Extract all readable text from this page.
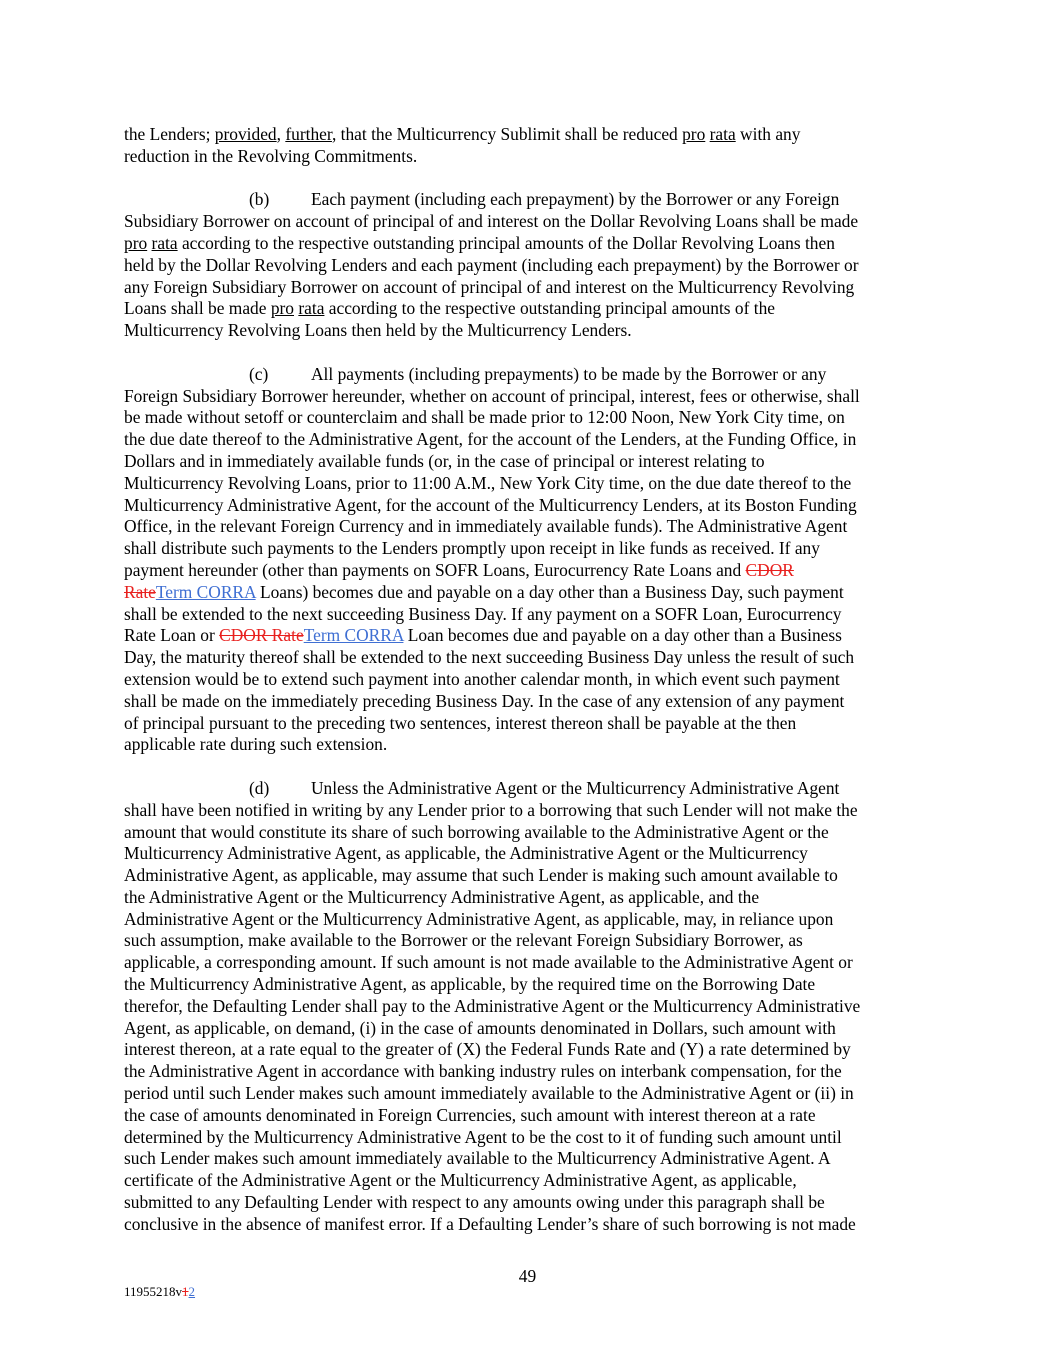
the Lenders; provided, further, that the Multicurrency Sublimit shall be reduced pro rata with any
reduction in the Revolving Commitments.
(b) Each payment (including each prepayment) by the Borrower or any Foreign
Subsidiary Borrower on account of principal of and interest on the Dollar Revolving Loans shall be made
pro rata according to the respective outstanding principal amounts of the Dollar Revolving Loans then
held by the Dollar Revolving Lenders and each payment (including each prepayment) by the Borrower or
any Foreign Subsidiary Borrower on account of principal of and interest on the Multicurrency Revolving
Loans shall be made pro rata according to the respective outstanding principal amounts of the
Multicurrency Revolving Loans then held by the Multicurrency Lenders.
(c) All payments (including prepayments) to be made by the Borrower or any
Foreign Subsidiary Borrower hereunder, whether on account of principal, interest, fees or otherwise, shall
be made without setoff or counterclaim and shall be made prior to 12:00 Noon, New York City time, on
the due date thereof to the Administrative Agent, for the account of the Lenders, at the Funding Office, in
Dollars and in immediately available funds (or, in the case of principal or interest relating to
Multicurrency Revolving Loans, prior to 11:00 A.M., New York City time, on the due date thereof to the
Multicurrency Administrative Agent, for the account of the Multicurrency Lenders, at its Boston Funding
Office, in the relevant Foreign Currency and in immediately available funds). The Administrative Agent
shall distribute such payments to the Lenders promptly upon receipt in like funds as received. If any
payment hereunder (other than payments on SOFR Loans, Eurocurrency Rate Loans and CDOR
RateTerm CORRA Loans) becomes due and payable on a day other than a Business Day, such payment
shall be extended to the next succeeding Business Day. If any payment on a SOFR Loan, Eurocurrency
Rate Loan or CDOR RateTerm CORRA Loan becomes due and payable on a day other than a Business
Day, the maturity thereof shall be extended to the next succeeding Business Day unless the result of such
extension would be to extend such payment into another calendar month, in which event such payment
shall be made on the immediately preceding Business Day. In the case of any extension of any payment
of principal pursuant to the preceding two sentences, interest thereon shall be payable at the then
applicable rate during such extension.
(d) Unless the Administrative Agent or the Multicurrency Administrative Agent
shall have been notified in writing by any Lender prior to a borrowing that such Lender will not make the
amount that would constitute its share of such borrowing available to the Administrative Agent or the
Multicurrency Administrative Agent, as applicable, the Administrative Agent or the Multicurrency
Administrative Agent, as applicable, may assume that such Lender is making such amount available to
the Administrative Agent or the Multicurrency Administrative Agent, as applicable, and the
Administrative Agent or the Multicurrency Administrative Agent, as applicable, may, in reliance upon
such assumption, make available to the Borrower or the relevant Foreign Subsidiary Borrower, as
applicable, a corresponding amount. If such amount is not made available to the Administrative Agent or
the Multicurrency Administrative Agent, as applicable, by the required time on the Borrowing Date
therefor, the Defaulting Lender shall pay to the Administrative Agent or the Multicurrency Administrative
Agent, as applicable, on demand, (i) in the case of amounts denominated in Dollars, such amount with
interest thereon, at a rate equal to the greater of (X) the Federal Funds Rate and (Y) a rate determined by
the Administrative Agent in accordance with banking industry rules on interbank compensation, for the
period until such Lender makes such amount immediately available to the Administrative Agent or (ii) in
the case of amounts denominated in Foreign Currencies, such amount with interest thereon at a rate
determined by the Multicurrency Administrative Agent to be the cost to it of funding such amount until
such Lender makes such amount immediately available to the Multicurrency Administrative Agent. A
certificate of the Administrative Agent or the Multicurrency Administrative Agent, as applicable,
submitted to any Defaulting Lender with respect to any amounts owing under this paragraph shall be
conclusive in the absence of manifest error. If a Defaulting Lender’s share of such borrowing is not made
49
11955218v12
